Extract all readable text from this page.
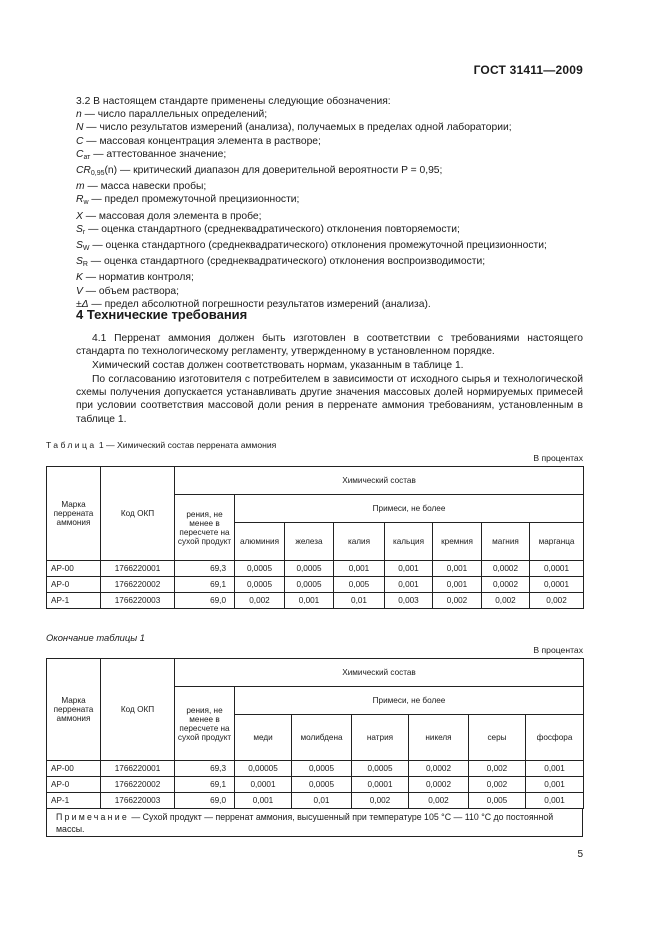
ГОСТ 31411—2009
3.2 В настоящем стандарте применены следующие обозначения:
n — число параллельных определений;
N — число результатов измерений (анализа), получаемых в пределах одной лаборатории;
C — массовая концентрация элемента в растворе;
$C_{ат}$ — аттестованное значение;
$CR_{0,95}(n)$ — критический диапазон для доверительной вероятности P = 0,95;
m — масса навески пробы;
$R_w$ — предел промежуточной прецизионности;
X — массовая доля элемента в пробе;
$S_r$ — оценка стандартного (среднеквадратического) отклонения повторяемости;
$S_W$ — оценка стандартного (среднеквадратического) отклонения промежуточной прецизионности;
$S_R$ — оценка стандартного (среднеквадратического) отклонения воспроизводимости;
K — норматив контроля;
V — объем раствора;
±Δ — предел абсолютной погрешности результатов измерений (анализа).
4 Технические требования
4.1 Перренат аммония должен быть изготовлен в соответствии с требованиями настоящего стандарта по технологическому регламенту, утвержденному в установленном порядке.
Химический состав должен соответствовать нормам, указанным в таблице 1.
По согласованию изготовителя с потребителем в зависимости от исходного сырья и технологической схемы получения допускается устанавливать другие значения массовых долей нормируемых примесей при условии соответствия массовой доли рения в перренате аммония требованиям, установленным в таблице 1.
Таблица 1 — Химический состав перрената аммония
В процентах
Марка перрената аммония	Код ОКП	Химический состав							
		рения, не менее в пересчете на сухой продукт	Примеси, не более						
			алюминия	железа	калия	кальция	кремния	магния	марганца
АР-00	1766220001	69,3	0,0005	0,0005	0,001	0,001	0,001	0,0002	0,0001
АР-0	1766220002	69,1	0,0005	0,0005	0,005	0,001	0,001	0,0002	0,0001
АР-1	1766220003	69,0	0,002	0,001	0,01	0,003	0,002	0,002	0,002
Окончание таблицы 1
В процентах
Марка перрената аммония	Код ОКП	Химический состав						
		рения, не менее в пересчете на сухой продукт	Примеси, не более					
			меди	молибдена	натрия	никеля	серы	фосфора
АР-00	1766220001	69,3	0,00005	0,0005	0,0005	0,0002	0,002	0,001
АР-0	1766220002	69,1	0,0001	0,0005	0,0001	0,0002	0,002	0,001
АР-1	1766220003	69,0	0,001	0,01	0,002	0,002	0,005	0,001
Примечание — Сухой продукт — перренат аммония, высушенный при температуре 105 °С — 110 °С до постоянной массы.
5
